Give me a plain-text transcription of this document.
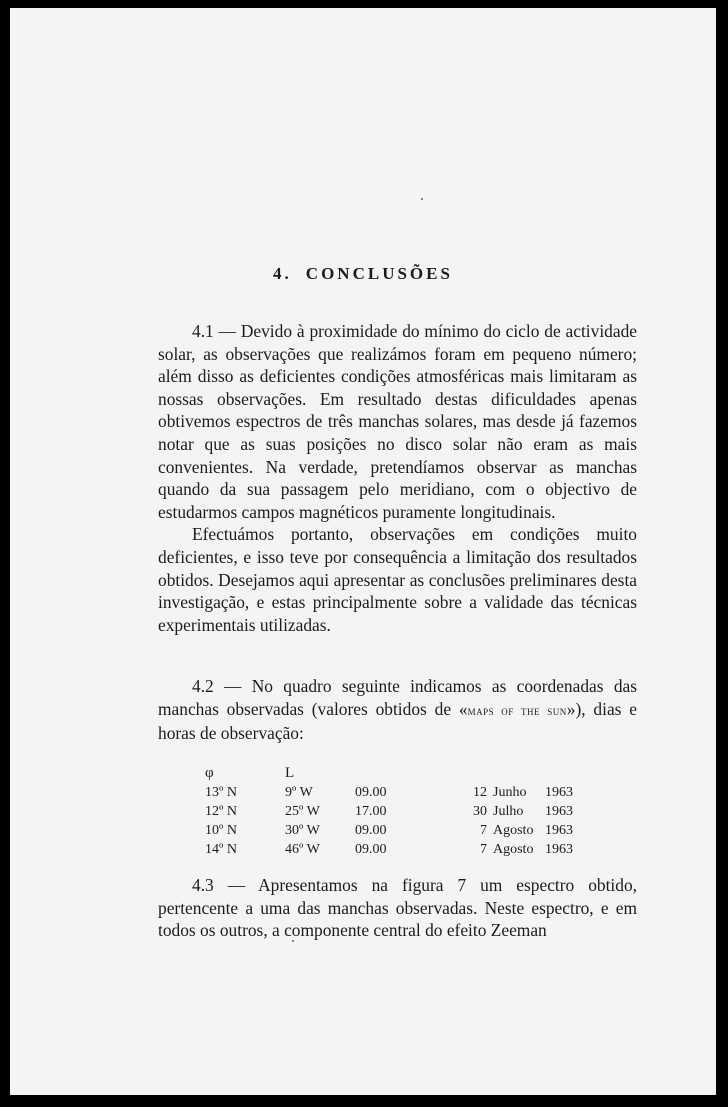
4. CONCLUSÕES

4.1 — Devido à proximidade do mínimo do ciclo de actividade solar, as observações que realizámos foram em pequeno número; além disso as deficientes condições atmosféricas mais limitaram as nossas observações. Em resultado destas dificuldades apenas obtivemos espectros de três manchas solares, mas desde já fazemos notar que as suas posições no disco solar não eram as mais convenientes. Na verdade, pretendíamos observar as manchas quando da sua passagem pelo meridiano, com o objectivo de estudarmos campos magnéticos puramente longitudinais.

Efectuámos portanto, observações em condições muito deficientes, e isso teve por consequência a limitação dos resultados obtidos. Desejamos aqui apresentar as conclusões preliminares desta investigação, e estas principalmente sobre a validade das técnicas experimentais utilizadas.

4.2 — No quadro seguinte indicamos as coordenadas das manchas observadas (valores obtidos de «maps of the sun»), dias e horas de observação:

φ	L				
13º N	9º W	09.00	12	Junho	1963
12º N	25º W	17.00	30	Julho	1963
10º N	30º W	09.00	7	Agosto	1963
14º N	46º W	09.00	7	Agosto	1963

4.3 — Apresentamos na figura 7 um espectro obtido, pertencente a uma das manchas observadas. Neste espectro, e em todos os outros, a componente central do efeito Zeeman
